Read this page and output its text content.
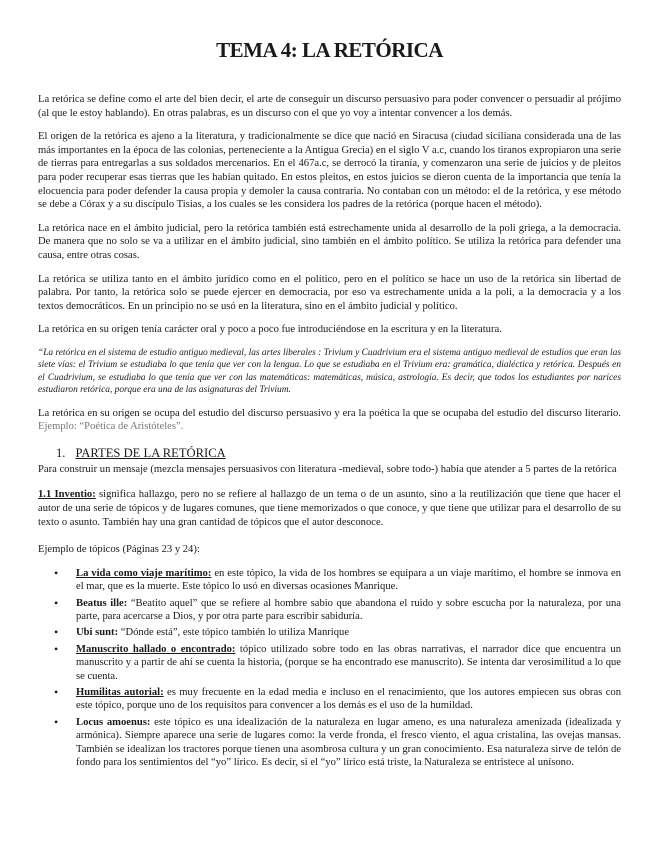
TEMA 4: LA RETÓRICA

La retórica se define como el arte del bien decir, el arte de conseguir un discurso persuasivo para poder convencer o persuadir al prójimo (al que le estoy hablando). En otras palabras, es un discurso con el que yo voy a intentar convencer a los demás.

El origen de la retórica es ajeno a la literatura, y tradicionalmente se dice que nació en Siracusa (ciudad siciliana considerada una de las más importantes en la época de las colonias, perteneciente a la Antigua Grecia) en el siglo V a.c, cuando los tiranos expropiaron una serie de tierras para entregarlas a sus soldados mercenarios. En el 467a.c, se derrocó la tiranía, y comenzaron una serie de juicios y de pleitos para poder recuperar esas tierras que les habían quitado. En estos pleitos, en estos juicios se dieron cuenta de la importancia que tenía la elocuencia para poder defender la causa propia y demoler la causa contraria. No contaban con un método: el de la retórica, y ese método se debe a Córax y a su discípulo Tisias, a los cuales se les considera los padres de la retórica (porque hacen el método).

La retórica nace en el ámbito judicial, pero la retórica también está estrechamente unida al desarrollo de la poli griega, a la democracia. De manera que no solo se va a utilizar en el ámbito judicial, sino también en el ámbito político. Se utiliza la retórica para defender una causa, entre otras cosas.

La retórica se utiliza tanto en el ámbito jurídico como en el político, pero en el político se hace un uso de la retórica sin libertad de palabra. Por tanto, la retórica solo se puede ejercer en democracia, por eso va estrechamente unida a la poli, a la democracia y a los textos democráticos. En un principio no se usó en la literatura, sino en el ámbito judicial y político.

La retórica en su origen tenía carácter oral y poco a poco fue introduciéndose en la escritura y en la literatura.

“La retórica en el sistema de estudio antiguo medieval, las artes liberales : Trivium y Cuadrivium era el sistema antiguo medieval de estudios que eran las siete vías: el Trivium se estudiaba lo que tenía que ver con la lengua. Lo que se estudiaba en el Trivium era: gramática, dialéctica y retórica. Después en el Cuadrivium, se estudiaba lo que tenía que ver con las matemáticas: matemáticas, música, astrología. Es decir, que todos los estudiantes por narices estudiaron retórica, porque era una de las asignaturas del Trivium.

La retórica en su origen se ocupa del estudio del discurso persuasivo y era la poética la que se ocupaba del estudio del discurso literario. Ejemplo: “Poética de Aristóteles”.

1. PARTES DE LA RETÓRICA

Para construir un mensaje (mezcla mensajes persuasivos con literatura -medieval, sobre todo-) había que atender a 5 partes de la retórica

1.1 Inventio: significa hallazgo, pero no se refiere al hallazgo de un tema o de un asunto, sino a la reutilización que tiene que hacer el autor de una serie de tópicos y de lugares comunes, que tiene memorizados o que conoce, y que tiene que utilizar para el desarrollo de su texto o asunto. También hay una gran cantidad de tópicos que el autor desconoce.

Ejemplo de tópicos (Páginas 23 y 24):

• La vida como viaje marítimo: en este tópico, la vida de los hombres se equipara a un viaje marítimo, el hombre se inmova en el mar, que es la muerte. Este tópico lo usó en diversas ocasiones Manrique.
• Beatus ille: “Beatito aquel” que se refiere al hombre sabio que abandona el ruido y sobre escucha por la naturaleza, por una parte, para acercarse a Dios, y por otra parte para escribir sabiduría.
• Ubi sunt: “Dónde está”, este tópico también lo utiliza Manrique
• Manuscrito hallado o encontrado: tópico utilizado sobre todo en las obras narrativas, el narrador dice que encuentra un manuscrito y a partir de ahí se cuenta la historia, (porque se ha encontrado ese manuscrito). Se intenta dar verosimilitud a lo que se cuenta.
• Humilitas autorial: es muy frecuente en la edad media e incluso en el renacimiento, que los autores empiecen sus obras con este tópico, porque uno de los requisitos para convencer a los demás es el uso de la humildad.
• Locus amoenus: este tópico es una idealización de la naturaleza en lugar ameno, es una naturaleza amenizada (idealizada y armónica). Siempre aparece una serie de lugares como: la verde fronda, el fresco viento, el agua cristalina, las ovejas mansas. También se idealizan los tractores porque tienen una asombrosa cultura y un gran conocimiento. Esa naturaleza sirve de telón de fondo para los sentimientos del “yo” lírico. Es decir, si el “yo” lírico está triste, la Naturaleza se entristece al unísono.
